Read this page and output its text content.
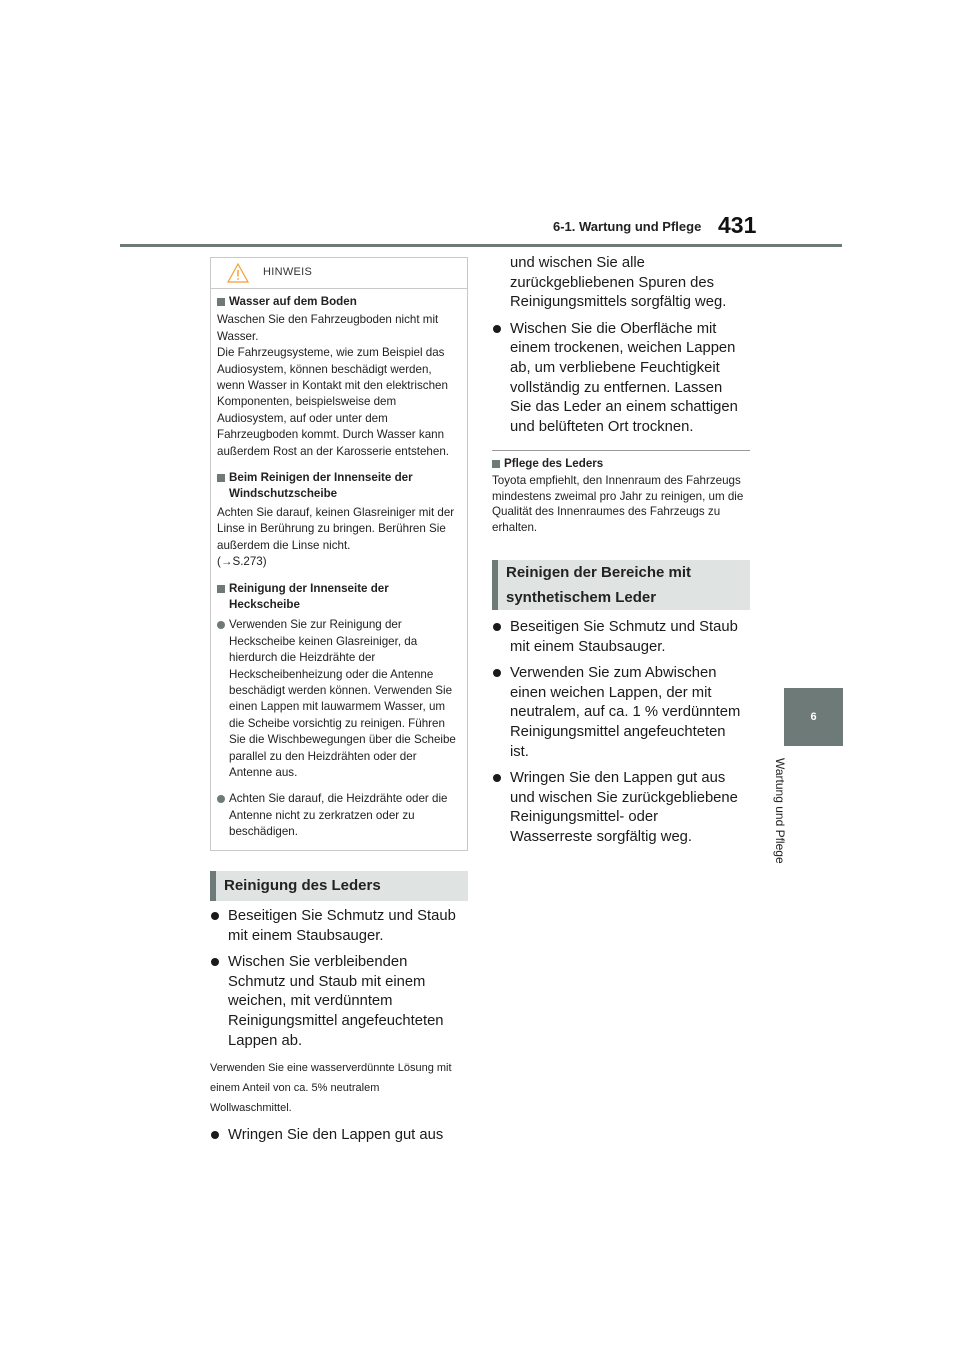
6-1. Wartung und Pflege 431
6
Wartung und Pflege
HINWEIS
Wasser auf dem Boden
Waschen Sie den Fahrzeugboden nicht mit Wasser.
Die Fahrzeugsysteme, wie zum Beispiel das Audiosystem, können beschädigt werden, wenn Wasser in Kontakt mit den elektrischen Komponenten, beispielsweise dem Audiosystem, auf oder unter dem Fahrzeugboden kommt. Durch Wasser kann außerdem Rost an der Karosserie entstehen.
Beim Reinigen der Innenseite der Windschutzscheibe
Achten Sie darauf, keinen Glasreiniger mit der Linse in Berührung zu bringen. Berühren Sie außerdem die Linse nicht.
(→S.273)
Reinigung der Innenseite der Heckscheibe
Verwenden Sie zur Reinigung der Heckscheibe keinen Glasreiniger, da hierdurch die Heizdrähte der Heckscheibenheizung oder die Antenne beschädigt werden können. Verwenden Sie einen Lappen mit lauwarmem Wasser, um die Scheibe vorsichtig zu reinigen. Führen Sie die Wischbewegungen über die Scheibe parallel zu den Heizdrähten oder der Antenne aus.
Achten Sie darauf, die Heizdrähte oder die Antenne nicht zu zerkratzen oder zu beschädigen.
Reinigung des Leders
Beseitigen Sie Schmutz und Staub mit einem Staubsauger.
Wischen Sie verbleibenden Schmutz und Staub mit einem weichen, mit verdünntem Reinigungsmittel angefeuchteten Lappen ab.
Verwenden Sie eine wasserverdünnte Lösung mit einem Anteil von ca. 5% neutralem Wollwaschmittel.
Wringen Sie den Lappen gut aus
und wischen Sie alle zurückgebliebenen Spuren des Reinigungsmittels sorgfältig weg.
Wischen Sie die Oberfläche mit einem trockenen, weichen Lappen ab, um verbliebene Feuchtigkeit vollständig zu entfernen. Lassen Sie das Leder an einem schattigen und belüfteten Ort trocknen.
Pflege des Leders
Toyota empfiehlt, den Innenraum des Fahrzeugs mindestens zweimal pro Jahr zu reinigen, um die Qualität des Innenraumes des Fahrzeugs zu erhalten.
Reinigen der Bereiche mit synthetischem Leder
Beseitigen Sie Schmutz und Staub mit einem Staubsauger.
Verwenden Sie zum Abwischen einen weichen Lappen, der mit neutralem, auf ca. 1 % verdünntem Reinigungsmittel angefeuchteten ist.
Wringen Sie den Lappen gut aus und wischen Sie zurückgebliebene Reinigungsmittel- oder Wasserreste sorgfältig weg.
